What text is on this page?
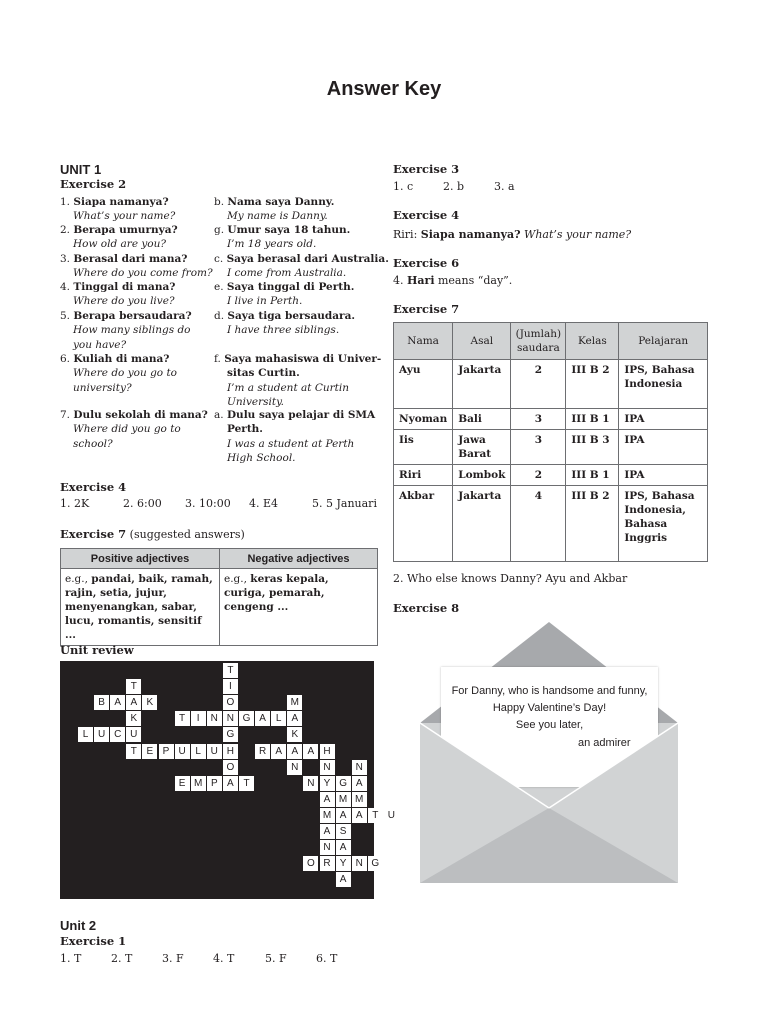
Answer Key
UNIT 1
Exercise 2
1. Siapa namanya?
What’s your name?
2. Berapa umurnya?
How old are you?
3. Berasal dari mana?
Where do you come from?
4. Tinggal di mana?
Where do you live?
5. Berapa bersaudara?
How many siblings do
you have?
6. Kuliah di mana?
Where do you go to
university?
7. Dulu sekolah di mana?
Where did you go to
school?
b. Nama saya Danny.
My name is Danny.
g. Umur saya 18 tahun.
I’m 18 years old.
c. Saya berasal dari Australia.
I come from Australia.
e. Saya tinggal di Perth.
I live in Perth.
d. Saya tiga bersaudara.
I have three siblings.
f. Saya mahasiswa di Univer-
sitas Curtin.
I’m a student at Curtin
University.
a. Dulu saya pelajar di SMA
Perth.
I was a student at Perth
High School.
Exercise 4
1. 2K	2. 6:00 3. 10:00 4. E4	5. 5 Januari
Exercise 7 (suggested answers)
Positive adjectives	Negative adjectives
e.g., pandai, baik, ramah, rajin, setia, jujur, menyenangkan, sabar, lucu, romantis, sensitif ...	e.g., keras kepala, curiga, pemarah, cengeng ...
Unit review
B A A K
T	I	N N G A L
L U C U
T E P U L U H	R A A A H
E M P A T	N Y G A
A A T U
O R Y N G
T
I
O
G
O
T
K
M
A
K
N	N
A
M
A
N
N
M
M
S
A
A
Unit 2
Exercise 1
1. T	2. T	3. F	4. T	5. F	6. T
Exercise 3
1. c	2. b	3. a
Exercise 4
Riri: Siapa namanya? What’s your name?
Exercise 6
4. Hari means “day”.
Exercise 7
Nama	Asal	(Jumlah) saudara	Kelas	Pelajaran
Ayu	Jakarta	2	III B 2	IPS, Bahasa Indonesia
Nyoman	Bali	3	III B 1	IPA
Iis	Jawa Barat	3	III B 3	IPA
Riri	Lombok	2	III B 1	IPA
Akbar	Jakarta	4	III B 2	IPS, Bahasa Indonesia, Bahasa Inggris
2. Who else knows Danny? Ayu and Akbar
Exercise 8
For Danny, who is handsome and funny,
Happy Valentine’s Day!
See you later,
an admirer
